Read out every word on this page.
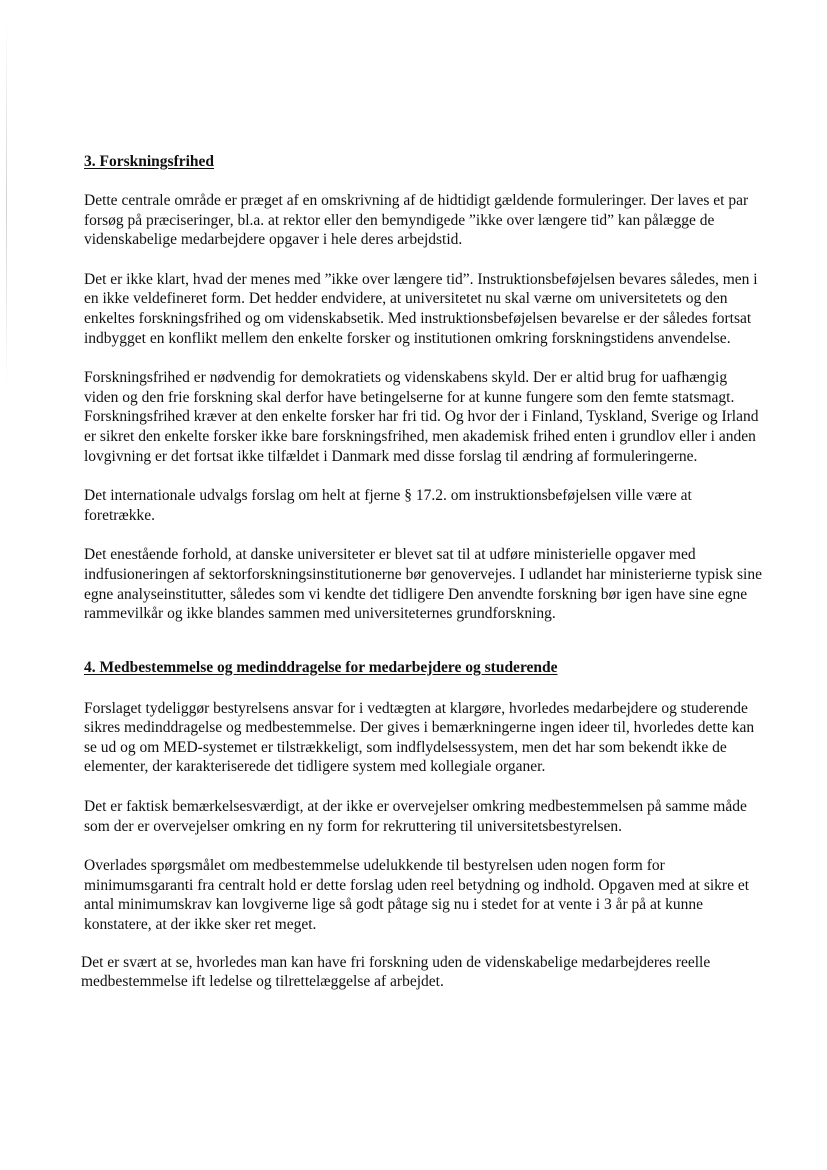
3. Forskningsfrihed

Dette centrale område er præget af en omskrivning af de hidtidigt gældende formuleringer. Der laves et par forsøg på præciseringer, bl.a. at rektor eller den bemyndigede ”ikke over længere tid” kan pålægge de videnskabelige medarbejdere opgaver i hele deres arbejdstid.

Det er ikke klart, hvad der menes med ”ikke over længere tid”. Instruktionsbeføjelsen bevares således, men i en ikke veldefineret form. Det hedder endvidere, at universitetet nu skal værne om universitetets og den enkeltes forskningsfrihed og om videnskabsetik. Med instruktionsbeføjelsen bevarelse er der således fortsat indbygget en konflikt mellem den enkelte forsker og institutionen omkring forskningstidens anvendelse.

Forskningsfrihed er nødvendig for demokratiets og videnskabens skyld. Der er altid brug for uafhængig viden og den frie forskning skal derfor have betingelserne for at kunne fungere som den femte statsmagt. Forskningsfrihed kræver at den enkelte forsker har fri tid. Og hvor der i Finland, Tyskland, Sverige og Irland er sikret den enkelte forsker ikke bare forskningsfrihed, men akademisk frihed enten i grundlov eller i anden lovgivning er det fortsat ikke tilfældet i Danmark med disse forslag til ændring af formuleringerne.

Det internationale udvalgs forslag om helt at fjerne § 17.2. om instruktionsbeføjelsen ville være at foretrække.

Det enestående forhold, at danske universiteter er blevet sat til at udføre ministerielle opgaver med indfusioneringen af sektorforskningsinstitutionerne bør genovervejes. I udlandet har ministerierne typisk sine egne analyseinstitutter, således som vi kendte det tidligere Den anvendte forskning bør igen have sine egne rammevilkår og ikke blandes sammen med universiteternes grundforskning.

4. Medbestemmelse og medinddragelse for medarbejdere og studerende

Forslaget tydeliggør bestyrelsens ansvar for i vedtægten at klargøre, hvorledes medarbejdere og studerende sikres medinddragelse og medbestemmelse. Der gives i bemærkningerne ingen ideer til, hvorledes dette kan se ud og om MED-systemet er tilstrækkeligt, som indflydelsessystem, men det har som bekendt ikke de elementer, der karakteriserede det tidligere system med kollegiale organer.

Det er faktisk bemærkelsesværdigt, at der ikke er overvejelser omkring medbestemmelsen på samme måde som der er overvejelser omkring en ny form for rekruttering til universitetsbestyrelsen.

Overlades spørgsmålet om medbestemmelse udelukkende til bestyrelsen uden nogen form for minimumsgaranti fra centralt hold er dette forslag uden reel betydning og indhold. Opgaven med at sikre et antal minimumskrav kan lovgiverne lige så godt påtage sig nu i stedet for at vente i 3 år på at kunne konstatere, at der ikke sker ret meget.

Det er svært at se, hvorledes man kan have fri forskning uden de videnskabelige medarbejderes reelle medbestemmelse ift ledelse og tilrettelæggelse af arbejdet.
